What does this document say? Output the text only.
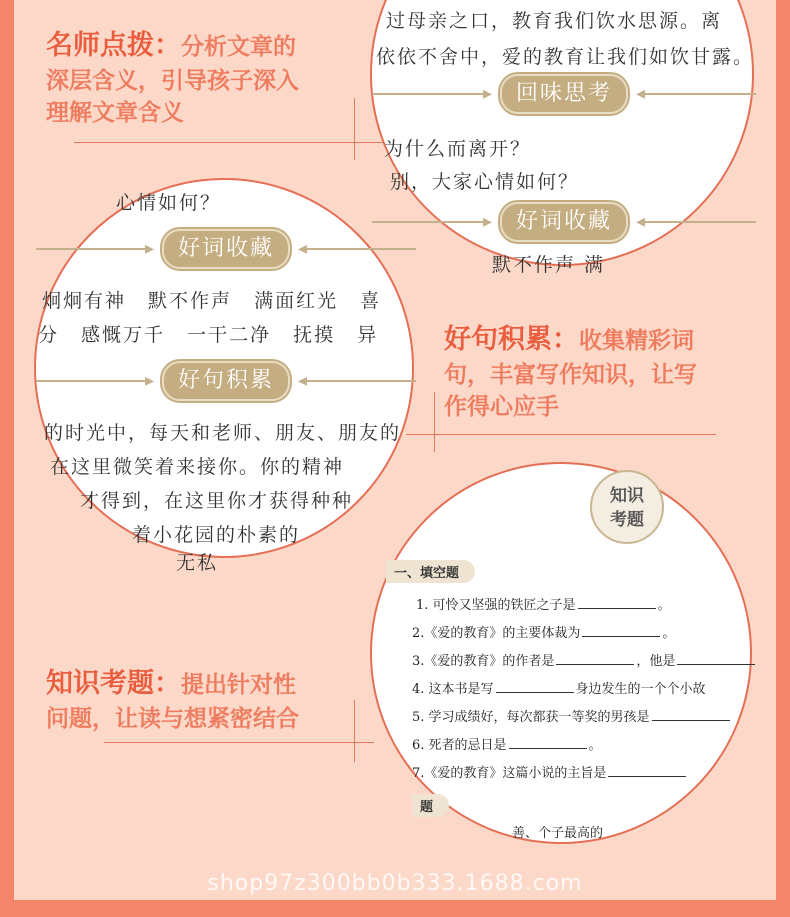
名师点拨：分析文章的
深层含义，引导孩子深入
理解文章含义
过母亲之口，教育我们饮水思源。离
依依不舍中，爱的教育让我们如饮甘露。
▸	回味思考	◂
为什么而离开？
别，大家心情如何？
▸	好词收藏	◂
默不作声 满
心情如何？
▸	好词收藏	◂
炯炯有神 默不作声 满面红光 喜
分 感慨万千 一干二净 抚摸 异
▸	好句积累	◂
的时光中，每天和老师、朋友、朋友的
在这里微笑着来接你。你的精神
才得到，在这里你才获得种种
着小花园的朴素的
无私
好句积累：收集精彩词
句，丰富写作知识，让写
作得心应手
知识
考题
一、填空题
1. 可怜又坚强的铁匠之子是	。
2.《爱的教育》的主要体裁为	。
3.《爱的教育》的作者是	，他是
4. 这本书是写	身边发生的一个个小故
5. 学习成绩好，每次都获一等奖的男孩是
6. 死者的忌日是	。
7.《爱的教育》这篇小说的主旨是
题
善、个子最高的
知识考题：提出针对性
问题，让读与想紧密结合
shop97z300bb0b333.1688.com
